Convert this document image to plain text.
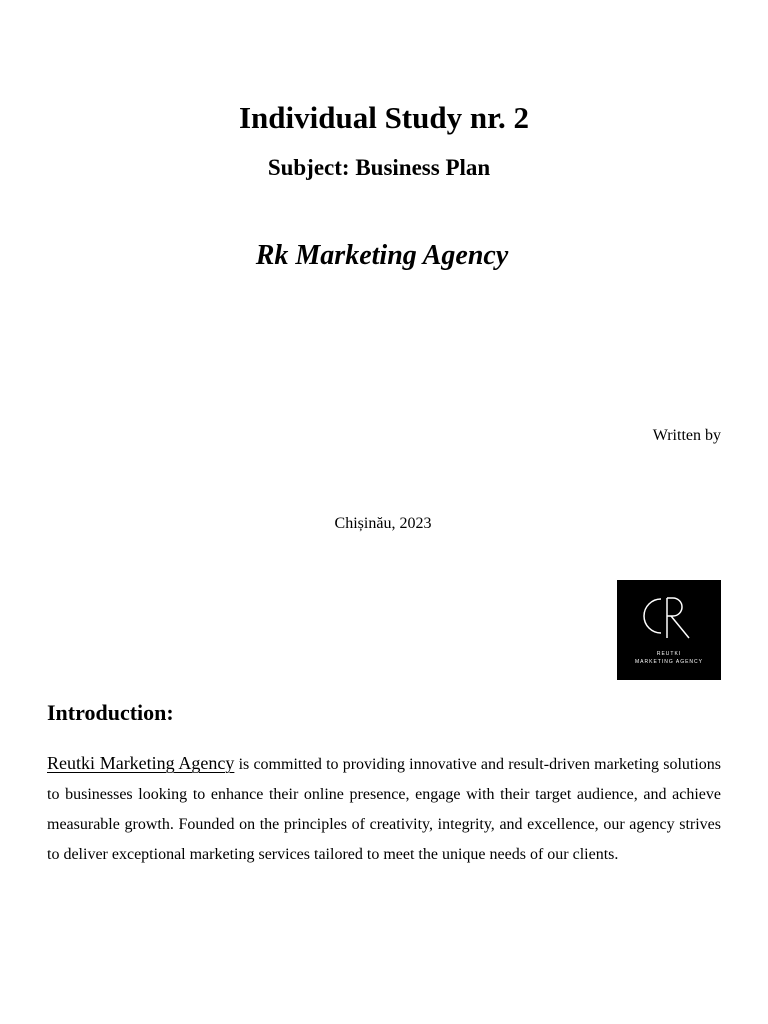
Individual Study nr. 2
Subject: Business Plan
Rk Marketing Agency
Written by
Chișinău, 2023
REUTKI
MARKETING AGENCY
Introduction:
Reutki Marketing Agency is committed to providing innovative and result-driven marketing solutions to businesses looking to enhance their online presence, engage with their target audience, and achieve measurable growth. Founded on the principles of creativity, integrity, and excellence, our agency strives to deliver exceptional marketing services tailored to meet the unique needs of our clients.
